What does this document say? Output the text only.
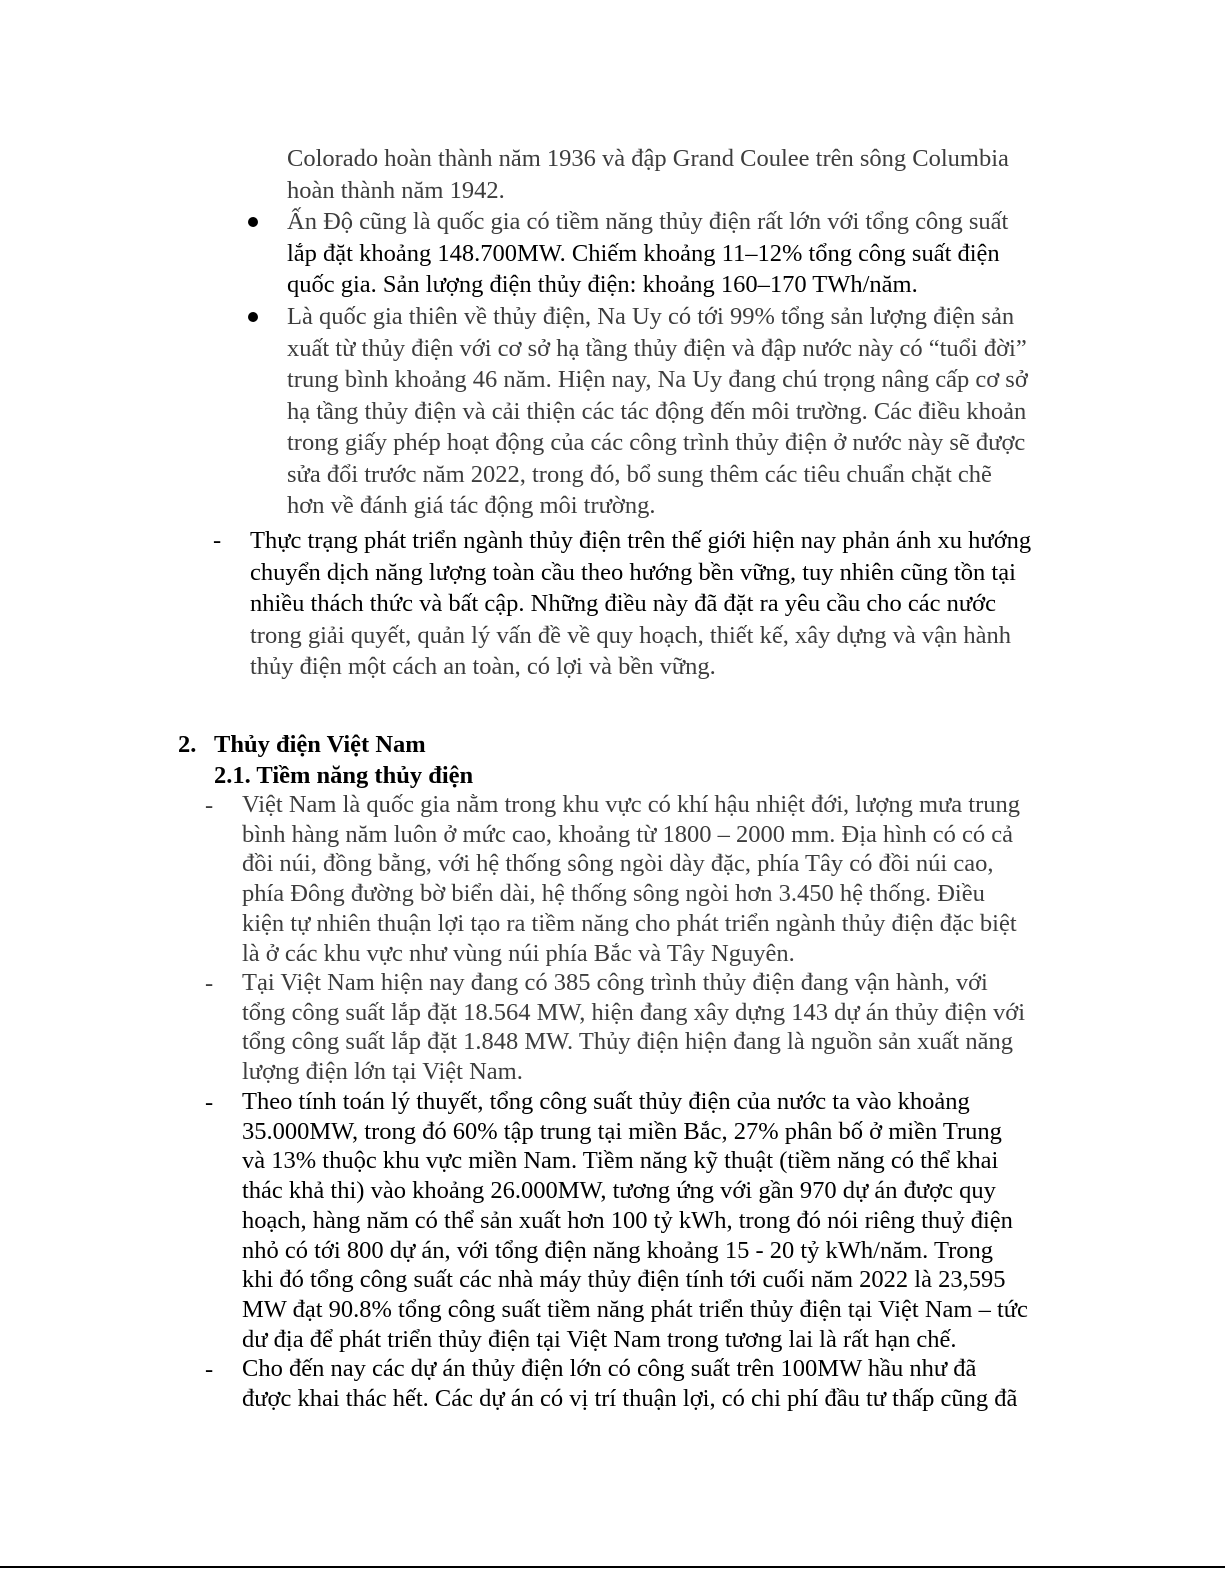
Colorado hoàn thành năm 1936 và đập Grand Coulee trên sông Columbia

hoàn thành năm 1942.

Ấn Độ cũng là quốc gia có tiềm năng thủy điện rất lớn với tổng công suất
lắp đặt khoảng 148.700MW. Chiếm khoảng 11–12% tổng công suất điện
quốc gia. Sản lượng điện thủy điện: khoảng 160–170 TWh/năm.
Là quốc gia thiên về thủy điện, Na Uy có tới 99% tổng sản lượng điện sản
xuất từ thủy điện với cơ sở hạ tầng thủy điện và đập nước này có “tuổi đời”
trung bình khoảng 46 năm. Hiện nay, Na Uy đang chú trọng nâng cấp cơ sở
hạ tầng thủy điện và cải thiện các tác động đến môi trường. Các điều khoản
trong giấy phép hoạt động của các công trình thủy điện ở nước này sẽ được
sửa đổi trước năm 2022, trong đó, bổ sung thêm các tiêu chuẩn chặt chẽ
hơn về đánh giá tác động môi trường.
- Thực trạng phát triển ngành thủy điện trên thế giới hiện nay phản ánh xu hướng
chuyển dịch năng lượng toàn cầu theo hướng bền vững, tuy nhiên cũng tồn tại
nhiều thách thức và bất cập. Những điều này đã đặt ra yêu cầu cho các nước
trong giải quyết, quản lý vấn đề về quy hoạch, thiết kế, xây dựng và vận hành
thủy điện một cách an toàn, có lợi và bền vững.
2. Thủy điện Việt Nam
2.1. Tiềm năng thủy điện
- Việt Nam là quốc gia nằm trong khu vực có khí hậu nhiệt đới, lượng mưa trung
bình hàng năm luôn ở mức cao, khoảng từ 1800 – 2000 mm. Địa hình có có cả
đồi núi, đồng bằng, với hệ thống sông ngòi dày đặc, phía Tây có đồi núi cao,
phía Đông đường bờ biển dài, hệ thống sông ngòi hơn 3.450 hệ thống. Điều
kiện tự nhiên thuận lợi tạo ra tiềm năng cho phát triển ngành thủy điện đặc biệt
là ở các khu vực như vùng núi phía Bắc và Tây Nguyên.
- Tại Việt Nam hiện nay đang có 385 công trình thủy điện đang vận hành, với
tổng công suất lắp đặt 18.564 MW, hiện đang xây dựng 143 dự án thủy điện với
tổng công suất lắp đặt 1.848 MW. Thủy điện hiện đang là nguồn sản xuất năng
lượng điện lớn tại Việt Nam.
- Theo tính toán lý thuyết, tổng công suất thủy điện của nước ta vào khoảng
35.000MW, trong đó 60% tập trung tại miền Bắc, 27% phân bố ở miền Trung
và 13% thuộc khu vực miền Nam. Tiềm năng kỹ thuật (tiềm năng có thể khai
thác khả thi) vào khoảng 26.000MW, tương ứng với gần 970 dự án được quy
hoạch, hàng năm có thể sản xuất hơn 100 tỷ kWh, trong đó nói riêng thuỷ điện
nhỏ có tới 800 dự án, với tổng điện năng khoảng 15 - 20 tỷ kWh/năm. Trong
khi đó tổng công suất các nhà máy thủy điện tính tới cuối năm 2022 là 23,595
MW đạt 90.8% tổng công suất tiềm năng phát triển thủy điện tại Việt Nam – tức
dư địa để phát triển thủy điện tại Việt Nam trong tương lai là rất hạn chế.
- Cho đến nay các dự án thủy điện lớn có công suất trên 100MW hầu như đã
được khai thác hết. Các dự án có vị trí thuận lợi, có chi phí đầu tư thấp cũng đã
